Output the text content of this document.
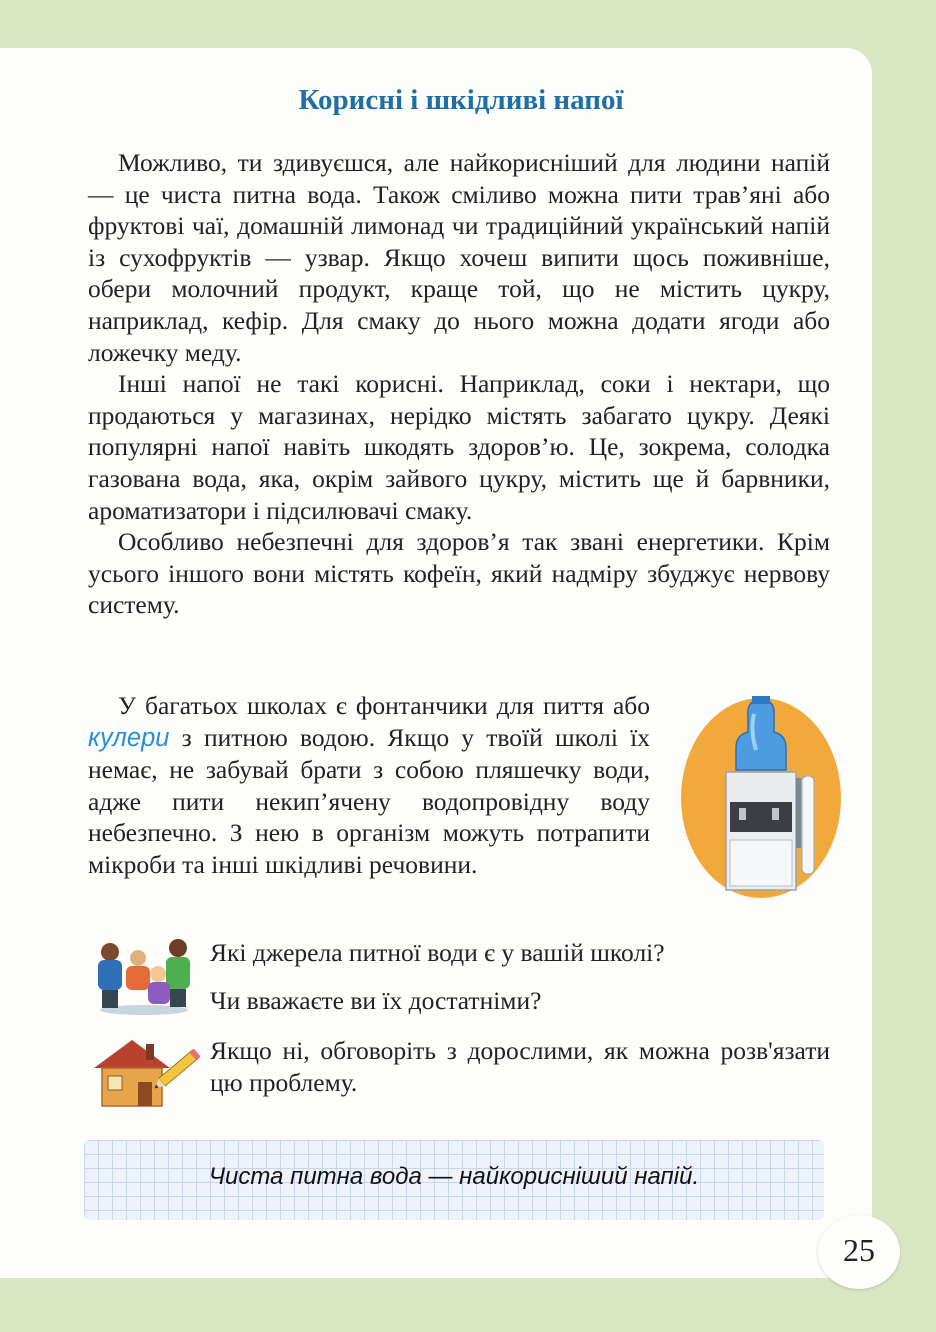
Корисні і шкідливі напої

Можливо, ти здивуєшся, але найкорисніший для людини напій — це чиста питна вода. Також сміливо можна пити трав’яні або фруктові чаї, домашній лимонад чи традиційний український напій із сухофруктів — узвар. Якщо хочеш випити щось поживніше, обери молочний продукт, краще той, що не містить цукру, наприклад, кефір. Для смаку до нього можна додати ягоди або ложечку меду.

Інші напої не такі корисні. Наприклад, соки і нектари, що продаються у магазинах, нерідко містять забагато цукру. Деякі популярні напої навіть шкодять здоров’ю. Це, зокрема, солодка газована вода, яка, окрім зайвого цукру, містить ще й барвники, ароматизатори і підсилювачі смаку.

Особливо небезпечні для здоров’я так звані енергетики. Крім усього іншого вони містять кофеїн, який надміру збуджує нервову систему.

У багатьох школах є фонтанчики для пиття або кулери з питною водою. Якщо у твоїй школі їх немає, не забувай брати з собою пляшечку води, адже пити некип’ячену водопровідну воду небезпечно. З нею в організм можуть потрапити мікроби та інші шкідливі речовини.

Які джерела питної води є у вашій школі?

Чи вважаєте ви їх достатніми?

Якщо ні, обговоріть з дорослими, як можна розв'язати цю проблему.

Чиста питна вода — найкорисніший напій.

25
